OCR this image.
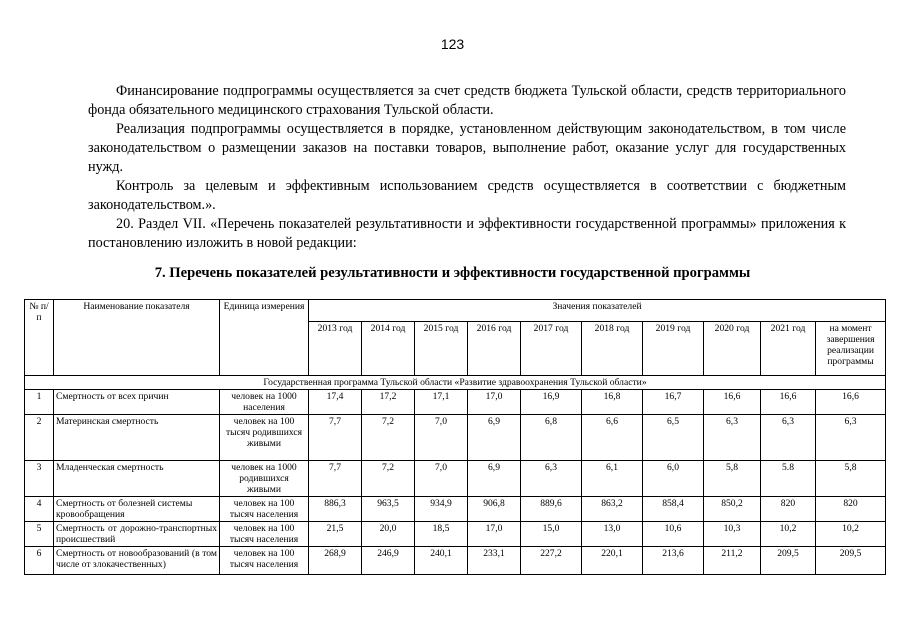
123

Финансирование подпрограммы осуществляется за счет средств бюджета Тульской области, средств территориального фонда обязательного медицинского страхования Тульской области.

Реализация подпрограммы осуществляется в порядке, установленном действующим законодательством, в том числе законодательством о размещении заказов на поставки товаров, выполнение работ, оказание услуг для государственных нужд.

Контроль за целевым и эффективным использованием средств осуществляется в соответствии с бюджетным законодательством.».

20. Раздел VII. «Перечень показателей результативности и эффективности государственной программы» приложения к постановлению изложить в новой редакции:

7. Перечень показателей результативности и эффективности государственной программы
№ п/п	Наименование показателя	Единица измерения	Значения показателей									
			2013 год	2014 год	2015 год	2016 год	2017 год	2018 год	2019 год	2020 год	2021 год	на момент завершения реализации программы
Государственная программа Тульской области «Развитие здравоохранения Тульской области»												
1	Смертность от всех причин	человек на 1000 населения	17,4	17,2	17,1	17,0	16,9	16,8	16,7	16,6	16,6	16,6
2	Материнская смертность	человек на 100 тысяч родившихся живыми	7,7	7,2	7,0	6,9	6,8	6,6	6,5	6,3	6,3	6,3
3	Младенческая смертность	человек на 1000 родившихся живыми	7,7	7,2	7,0	6,9	6,3	6,1	6,0	5,8	5.8	5,8
4	Смертность от болезней системы кровообращения	человек на 100 тысяч населения	886,3	963,5	934,9	906,8	889,6	863,2	858,4	850,2	820	820
5	Смертность от дорожно-транспортных происшествий	человек на 100 тысяч населения	21,5	20,0	18,5	17,0	15,0	13,0	10,6	10,3	10,2	10,2
6	Смертность от новообразований (в том числе от злокачественных)	человек на 100 тысяч населения	268,9	246,9	240,1	233,1	227,2	220,1	213,6	211,2	209,5	209,5
